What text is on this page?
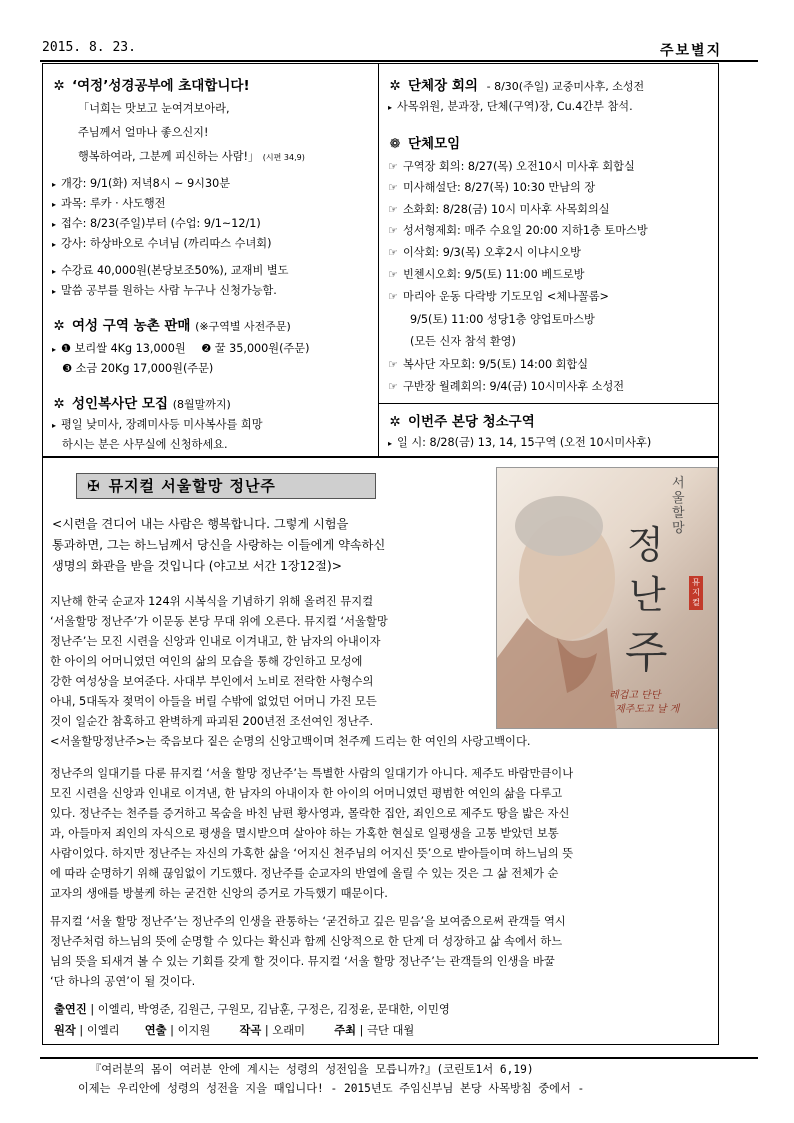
2015. 8. 23.	주보별지
✲ ‘여정’성경공부에 초대합니다!
「너희는 맛보고 눈여겨보아라,
주님께서 얼마나 좋으신지!
행복하여라, 그분께 피신하는 사람!」 (시편 34,9)
▸ 개강: 9/1(화) 저녁8시 ~ 9시30분
▸ 과목: 루카 · 사도행전
▸ 접수: 8/23(주일)부터 (수업: 9/1~12/1)
▸ 강사: 하상바오로 수녀님 (까리따스 수녀회)
▸ 수강료 40,000원(본당보조50%), 교재비 별도
▸ 말씀 공부를 원하는 사람 누구나 신청가능함.
✲ 여성 구역 농촌 판매 (※구역별 사전주문)
▸ ❶ 보리쌀 4Kg 13,000원 ❷ 꿀 35,000원(주문)
❸ 소금 20Kg 17,000원(주문)
✲ 성인복사단 모집 (8월말까지)
▸ 평일 낮미사, 장례미사등 미사복사를 희망
하시는 분은 사무실에 신청하세요.
✲ 단체장 회의 - 8/30(주일) 교중미사후, 소성전
▸ 사목위원, 분과장, 단체(구역)장, Cu.4간부 참석.
❁ 단체모임
☞ 구역장 회의: 8/27(목) 오전10시 미사후 회합실
☞ 미사해설단: 8/27(목) 10:30 만남의 장
☞ 소화회: 8/28(금) 10시 미사후 사목회의실
☞ 성서형제회: 매주 수요일 20:00 지하1층 토마스방
☞ 이삭회: 9/3(목) 오후2시 이냐시오방
☞ 빈첸시오회: 9/5(토) 11:00 베드로방
☞ 마리아 운동 다락방 기도모임 <체나꼴롬>
9/5(토) 11:00 성당1층 양업토마스방
(모든 신자 참석 환영)
☞ 복사단 자모회: 9/5(토) 14:00 회합실
☞ 구반장 월례회의: 9/4(금) 10시미사후 소성전
✲ 이번주 본당 청소구역
▸ 일 시: 8/28(금) 13, 14, 15구역 (오전 10시미사후)
✠ 뮤지컬 서울할망 정난주
<시련을 견디어 내는 사람은 행복합니다. 그렇게 시험을
통과하면, 그는 하느님께서 당신을 사랑하는 이들에게 약속하신
생명의 화관을 받을 것입니다 (야고보 서간 1장12절)>
지난해 한국 순교자 124위 시복식을 기념하기 위해 올려진 뮤지컬
‘서울할망 정난주’가 이문동 본당 무대 위에 오른다. 뮤지컬 ‘서울할망
정난주’는 모진 시련을 신앙과 인내로 이겨내고, 한 남자의 아내이자
한 아이의 어머니였던 여인의 삶의 모습을 통해 강인하고 모성에
강한 여성상을 보여준다. 사대부 부인에서 노비로 전락한 사형수의
아내, 5대독자 젖먹이 아들을 버릴 수밖에 없었던 어머니 가진 모든
것이 일순간 참혹하고 완벽하게 파괴된 200년전 조선여인 정난주.
<서울할망정난주>는 죽음보다 짙은 순명의 신앙고백이며 천주께 드리는 한 여인의 사랑고백이다.
서울할망
정
난
주
뮤지컬
레겁고 단단
제주도고 날 게
정난주의 일대기를 다룬 뮤지컬 ‘서울 할망 정난주’는 특별한 사람의 일대기가 아니다. 제주도 바람만큼이나
모진 시련을 신앙과 인내로 이겨낸, 한 남자의 아내이자 한 아이의 어머니였던 평범한 여인의 삶을 다루고
있다. 정난주는 천주를 증거하고 목숨을 바친 남편 황사영과, 몰락한 집안, 죄인으로 제주도 땅을 밟은 자신
과, 아들마저 죄인의 자식으로 평생을 멸시받으며 살아야 하는 가혹한 현실로 일평생을 고통 받았던 보통
사람이었다. 하지만 정난주는 자신의 가혹한 삶을 ‘어지신 천주님의 어지신 뜻’으로 받아들이며 하느님의 뜻
에 따라 순명하기 위해 끊임없이 기도했다. 정난주를 순교자의 반열에 올릴 수 있는 것은 그 삶 전체가 순
교자의 생애를 방불케 하는 굳건한 신앙의 증거로 가득했기 때문이다.
뮤지컬 ‘서울 할망 정난주’는 정난주의 인생을 관통하는 ‘굳건하고 깊은 믿음’을 보여줌으로써 관객들 역시
정난주처럼 하느님의 뜻에 순명할 수 있다는 확신과 함께 신앙적으로 한 단계 더 성장하고 삶 속에서 하느
님의 뜻을 되새겨 볼 수 있는 기회를 갖게 할 것이다. 뮤지컬 ‘서울 할망 정난주’는 관객들의 인생을 바꿀
‘단 하나의 공연’이 될 것이다.
출연진 | 이엘리, 박영준, 김원근, 구원모, 김남훈, 구정은, 김정윤, 문대한, 이민영
원작 | 이엘리 연출 | 이지원	작곡 | 오래미	주최 | 극단 대월
『여러분의 몸이 여러분 안에 계시는 성령의 성전임을 모릅니까?』(코린토1서 6,19)
이제는 우리안에 성령의 성전을 지을 때입니다! - 2015년도 주임신부님 본당 사목방침 중에서 -
